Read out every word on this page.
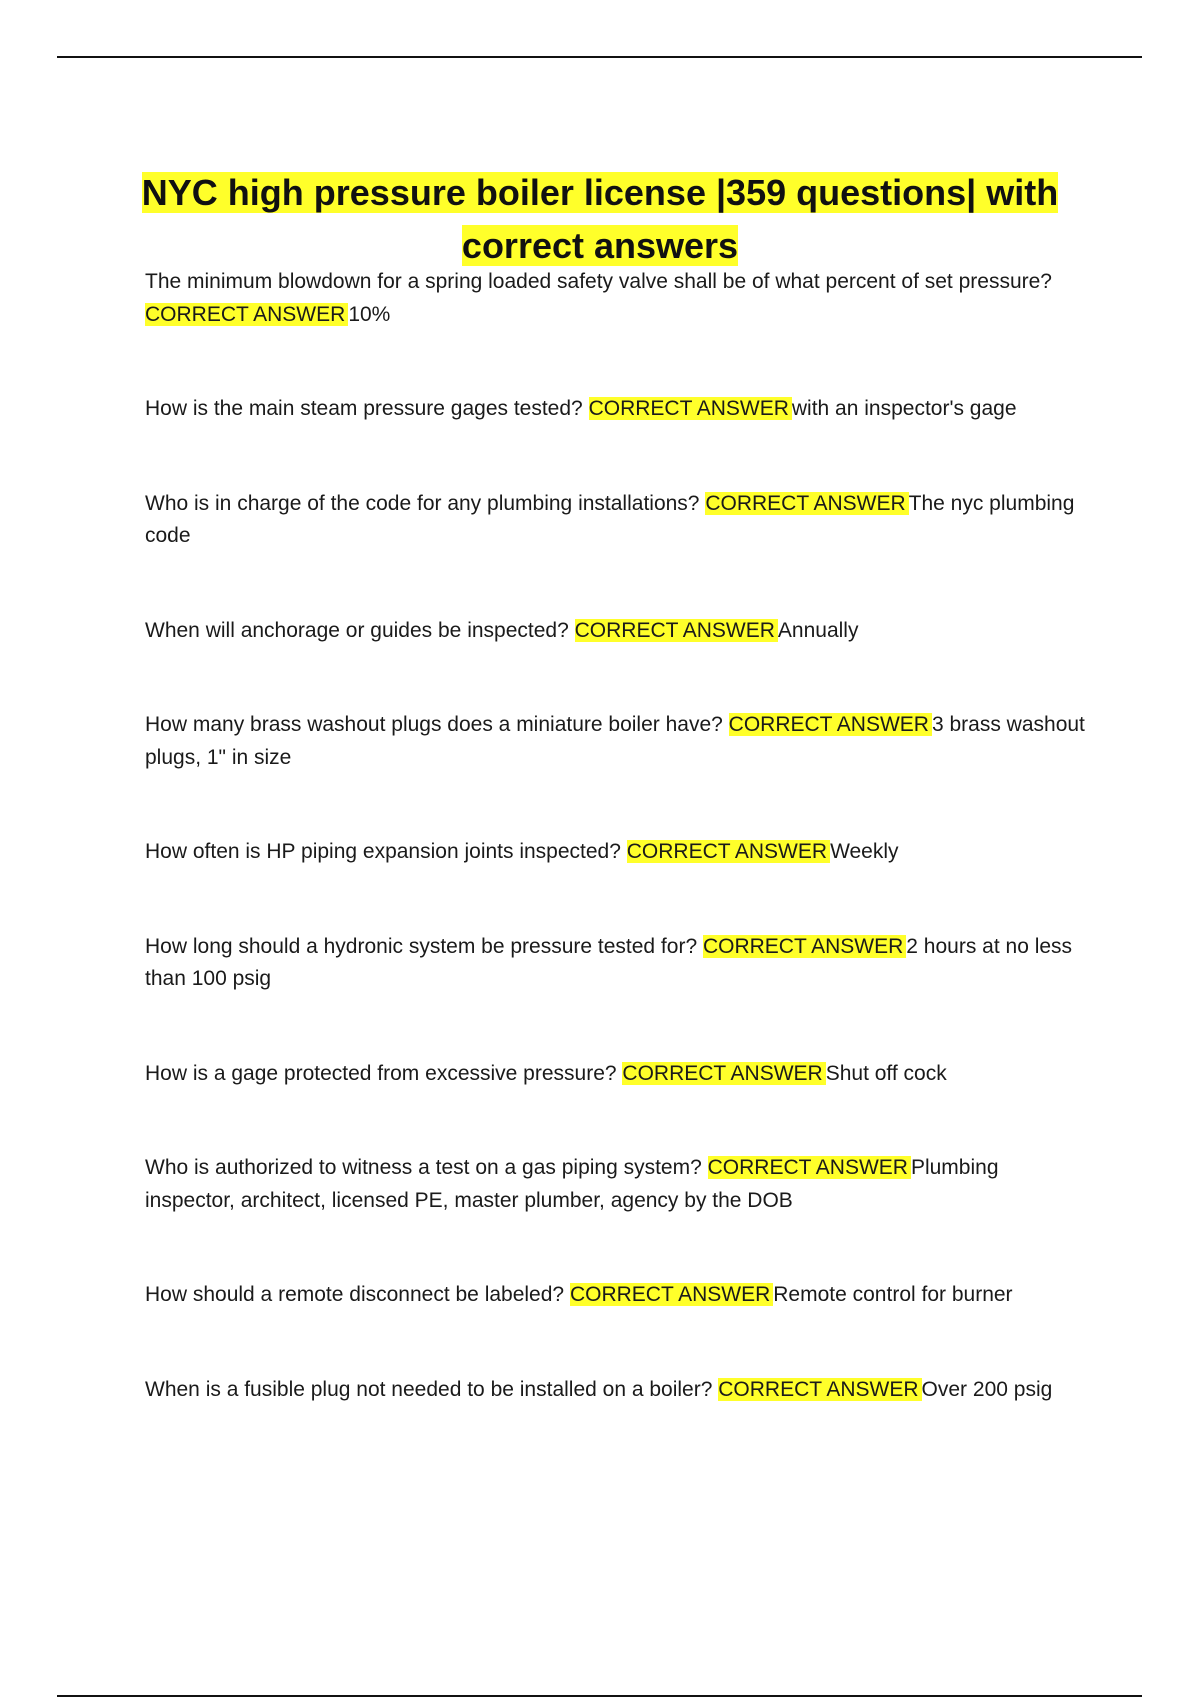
NYC high pressure boiler license |359 questions| with correct answers

The minimum blowdown for a spring loaded safety valve shall be of what percent of set pressure? CORRECT ANSWER 10%

How is the main steam pressure gages tested? CORRECT ANSWER with an inspector's gage

Who is in charge of the code for any plumbing installations? CORRECT ANSWER The nyc plumbing code

When will anchorage or guides be inspected? CORRECT ANSWER Annually

How many brass washout plugs does a miniature boiler have? CORRECT ANSWER 3 brass washout plugs, 1" in size

How often is HP piping expansion joints inspected? CORRECT ANSWER Weekly

How long should a hydronic system be pressure tested for? CORRECT ANSWER 2 hours at no less than 100 psig

How is a gage protected from excessive pressure? CORRECT ANSWER Shut off cock

Who is authorized to witness a test on a gas piping system? CORRECT ANSWER Plumbing inspector, architect, licensed PE, master plumber, agency by the DOB

How should a remote disconnect be labeled? CORRECT ANSWER Remote control for burner

When is a fusible plug not needed to be installed on a boiler? CORRECT ANSWER Over 200 psig
